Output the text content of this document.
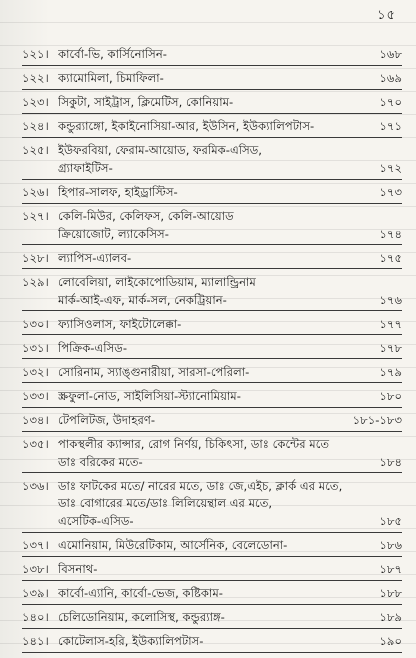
১৫
১২১। কার্বো-ভি, কার্সিনোসিন-	১৬৮
১২২। ক্যামোমিলা, চিমাফিলা-	১৬৯
১২৩। সিকুটা, সাইট্রাস, ক্লিমেটিস, কোনিয়াম-	১৭০
১২৪। কন্ডুর‍্যাঙ্গো, ইকাইনোসিয়া-আর, ইউসিন, ইউক্যালিপটাস-	১৭১
১২৫। ইউফরবিয়া, ফেরাম-আয়োড, ফরমিক-এসিড,
গ্র্যাফাইটিস-	১৭২
১২৬। হিপার-সালফ, হাইড্রাস্টিস-	১৭৩
১২৭। কেলি-মিউর, কেলিফস, কেলি-আয়োড
ক্রিয়োজোট, ল্যাকেসিস-	১৭৪
১২৮। ল্যাপিস-এ্যালব-	১৭৫
১২৯। লোবেলিয়া, লাইকোপোডিয়াম, ম্যালান্ড্রিনাম
মার্ক-আই-এফ, মার্ক-সল, নেকট্রিয়ান-	১৭৬
১৩০। ফ্যাসিওলাস, ফাইটোলেক্কা-	১৭৭
১৩১। পিক্রিক-এসিড-	১৭৮
১৩২। সোরিনাম, স্যাঙ্গুনারীয়া, সারসা-পেরিলা-	১৭৯
১৩৩। স্ক্রফুলা-নোড, সাইলিসিয়া-স্ট্যানোমিয়াম-	১৮০
১৩৪। টেপলিটজ, উদাহরণ-	১৮১-১৮৩
১৩৫। পাকস্থলীর ক্যান্সার, রোগ নির্ণয়, চিকিৎসা, ডাঃ কেন্টের মতে
ডাঃ বরিকের মতে-	১৮৪
১৩৬। ডাঃ ফাটকের মতে/ নারের মতে, ডাঃ জে,এইচ, ক্লার্ক এর মতে,
ডাঃ বোগারের মতে/ডাঃ লিলিয়েন্থাল এর মতে,
এসেটিক-এসিড-	১৮৫
১৩৭। এমোনিয়াম, মিউরেটিকাম, আর্সেনিক, বেলেডোনা-	১৮৬
১৩৮। বিসনাথ-	১৮৭
১৩৯। কার্বো-এ্যানি, কার্বো-ভেজ, কষ্টিকাম-	১৮৮
১৪০। চেলিডোনিয়াম, কলোসিস্থ, কন্ডুর‍্যাঙ্গ-	১৮৯
১৪১। কোটেলাস-হরি, ইউক্যালিপটাস-	১৯০
